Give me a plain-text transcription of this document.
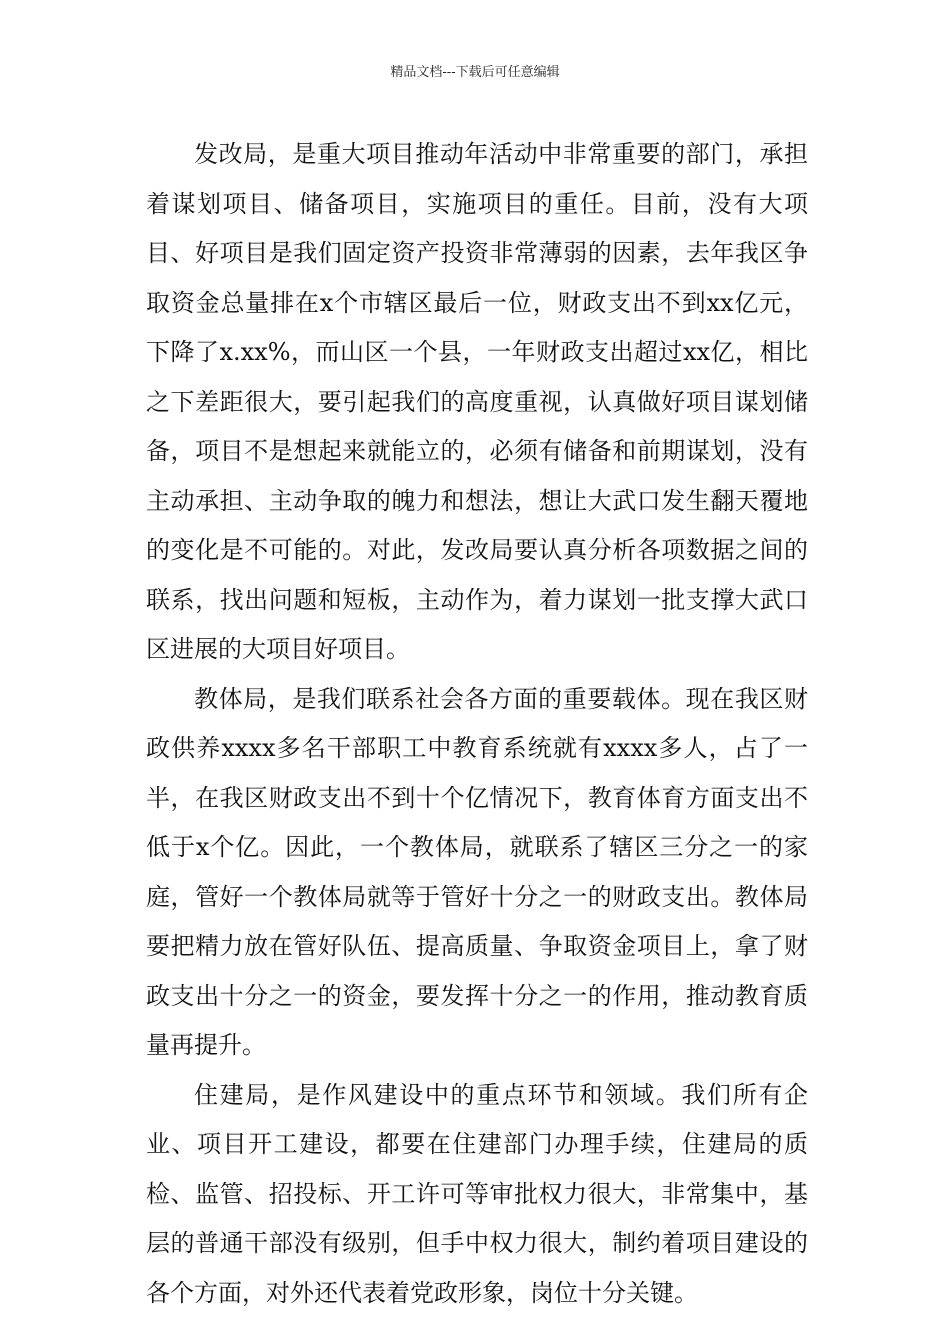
精品文档---下载后可任意编辑

发改局，是重大项目推动年活动中非常重要的部门，承担着谋划项目、储备项目，实施项目的重任。目前，没有大项目、好项目是我们固定资产投资非常薄弱的因素，去年我区争取资金总量排在x个市辖区最后一位，财政支出不到xx亿元，下降了x.xx%，而山区一个县，一年财政支出超过xx亿，相比之下差距很大，要引起我们的高度重视，认真做好项目谋划储备，项目不是想起来就能立的，必须有储备和前期谋划，没有主动承担、主动争取的魄力和想法，想让大武口发生翻天覆地的变化是不可能的。对此，发改局要认真分析各项数据之间的联系，找出问题和短板，主动作为，着力谋划一批支撑大武口区进展的大项目好项目。

教体局，是我们联系社会各方面的重要载体。现在我区财政供养xxxx多名干部职工中教育系统就有xxxx多人，占了一半，在我区财政支出不到十个亿情况下，教育体育方面支出不低于x个亿。因此，一个教体局，就联系了辖区三分之一的家庭，管好一个教体局就等于管好十分之一的财政支出。教体局要把精力放在管好队伍、提高质量、争取资金项目上，拿了财政支出十分之一的资金，要发挥十分之一的作用，推动教育质量再提升。

住建局，是作风建设中的重点环节和领域。我们所有企业、项目开工建设，都要在住建部门办理手续，住建局的质检、监管、招投标、开工许可等审批权力很大，非常集中，基层的普通干部没有级别，但手中权力很大，制约着项目建设的各个方面，对外还代表着党政形象，岗位十分关键。
